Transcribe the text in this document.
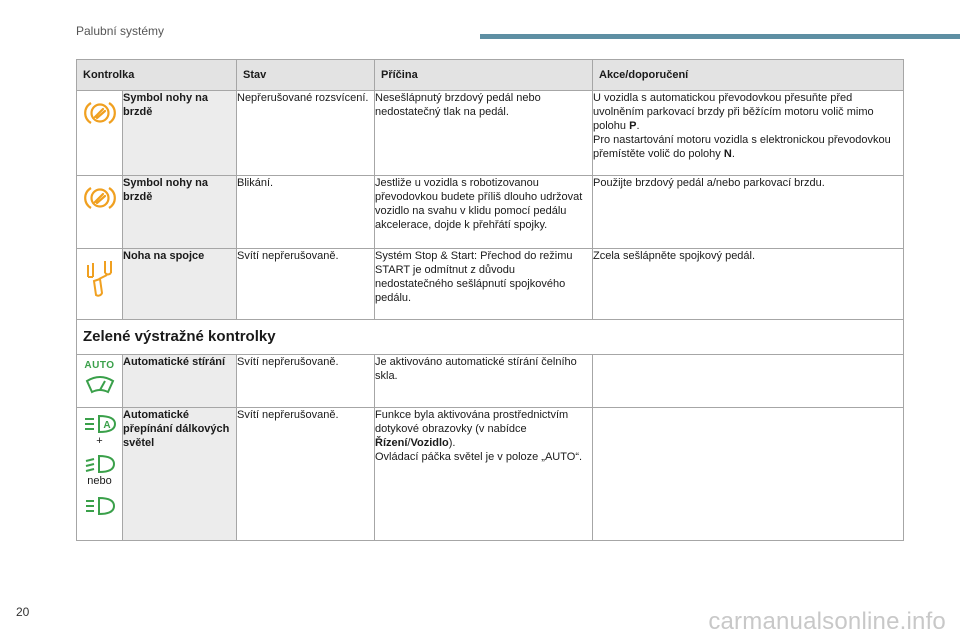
Palubní systémy
Kontrolka		Stav	Příčina	Akce/doporučení

	Symbol nohy na brzdě	Nepřerušované rozsvícení.	Nesešlápnutý brzdový pedál nebo nedostatečný tlak na pedál.	U vozidla s automatickou převodovkou přesuňte před uvolněním parkovací brzdy při běžícím motoru volič mimo polohu P.
Pro nastartování motoru vozidla s elektronickou převodovkou přemístěte volič do polohy N.

	Symbol nohy na brzdě	Blikání.	Jestliže u vozidla s robotizovanou převodovkou budete příliš dlouho udržovat vozidlo na svahu v klidu pomocí pedálu akcelerace, dojde k přehřátí spojky.	Použijte brzdový pedál a/nebo parkovací brzdu.

	Noha na spojce	Svítí nepřerušovaně.	Systém Stop & Start: Přechod do režimu START je odmítnut z důvodu nedostatečného sešlápnutí spojkového pedálu.	Zcela sešlápněte spojkový pedál.
Zelené výstražné kontrolky				

AUTO	Automatické stírání	Svítí nepřerušovaně.	Je aktivováno automatické stírání čelního skla.	

A
+
nebo	Automatické přepínání dálkových světel	Svítí nepřerušovaně.	Funkce byla aktivována prostřednictvím dotykové obrazovky (v nabídce Řízení/Vozidlo).
Ovládací páčka světel je v poloze „AUTO“.	
20	carmanualsonline.info
